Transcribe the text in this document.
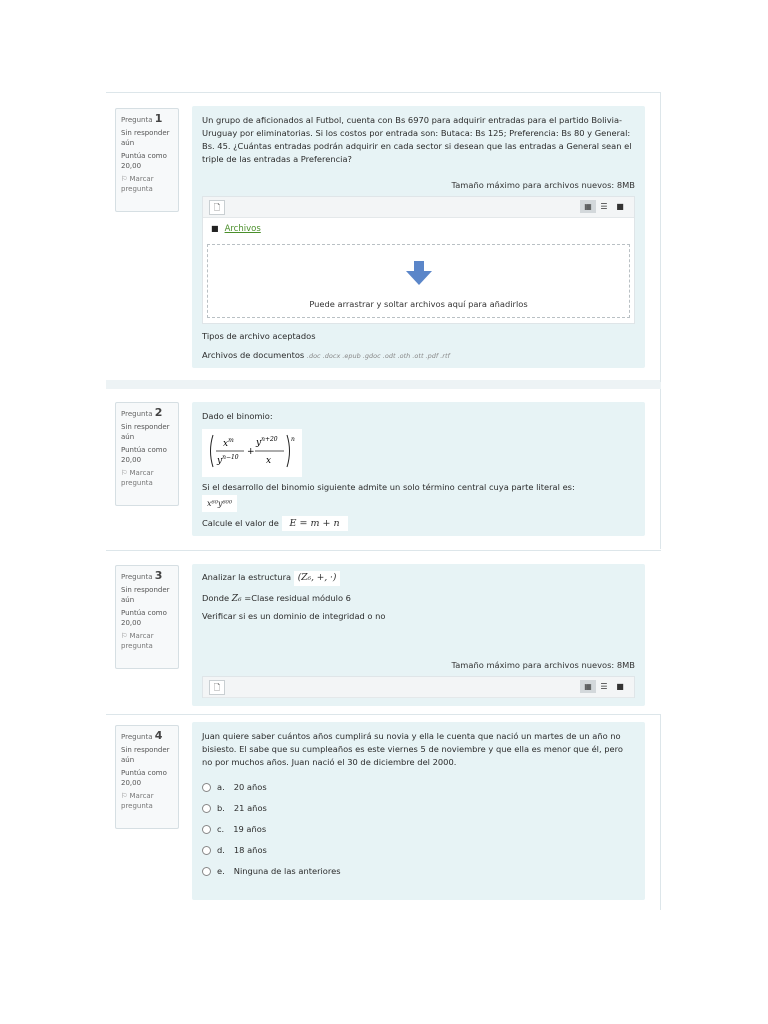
Pregunta 1

Sin responder aún

Puntúa como 20,00

⚐ Marcar pregunta

Un grupo de aficionados al Futbol, cuenta con Bs 6970 para adquirir entradas para el partido Bolivia-Uruguay por eliminatorias. Si los costos por entrada son: Butaca: Bs 125; Preferencia: Bs 80 y General: Bs. 45. ¿Cuántas entradas podrán adquirir en cada sector si desean que las entradas a General sean el triple de las entradas a Preferencia?

Tamaño máximo para archivos nuevos: 8MB
🗋	▦	☰	■
■ Archivos
Puede arrastrar y soltar archivos aquí para añadirlos
Tipos de archivo aceptados
Archivos de documentos .doc .docx .epub .gdoc .odt .oth .ott .pdf .rtf
Pregunta 2

Sin responder aún

Puntúa como 20,00

⚐ Marcar pregunta

Dado el binomio:

$x^m$
$y^{n-10}$
+
$y^{n+20}$
x
n

Si el desarrollo del binomio siguiente admite un solo término central cuya parte literal es:

x⁶⁰y⁶⁰⁰

Calcule el valor de E = m + n

Pregunta 3

Sin responder aún

Puntúa como 20,00

⚐ Marcar pregunta

Analizar la estructura (Z₆, +, ·)

Donde Z₆ =Clase residual módulo 6

Verificar si es un dominio de integridad o no

Tamaño máximo para archivos nuevos: 8MB
🗋	▦	☰	■
Pregunta 4

Sin responder aún

Puntúa como 20,00

⚐ Marcar pregunta

Juan quiere saber cuántos años cumplirá su novia y ella le cuenta que nació un martes de un año no bisiesto. El sabe que su cumpleaños es este viernes 5 de noviembre y que ella es menor que él, pero no por muchos años. Juan nació el 30 de diciembre del 2000.

a. 20 años
b. 21 años
c. 19 años
d. 18 años
e. Ninguna de las anteriores
